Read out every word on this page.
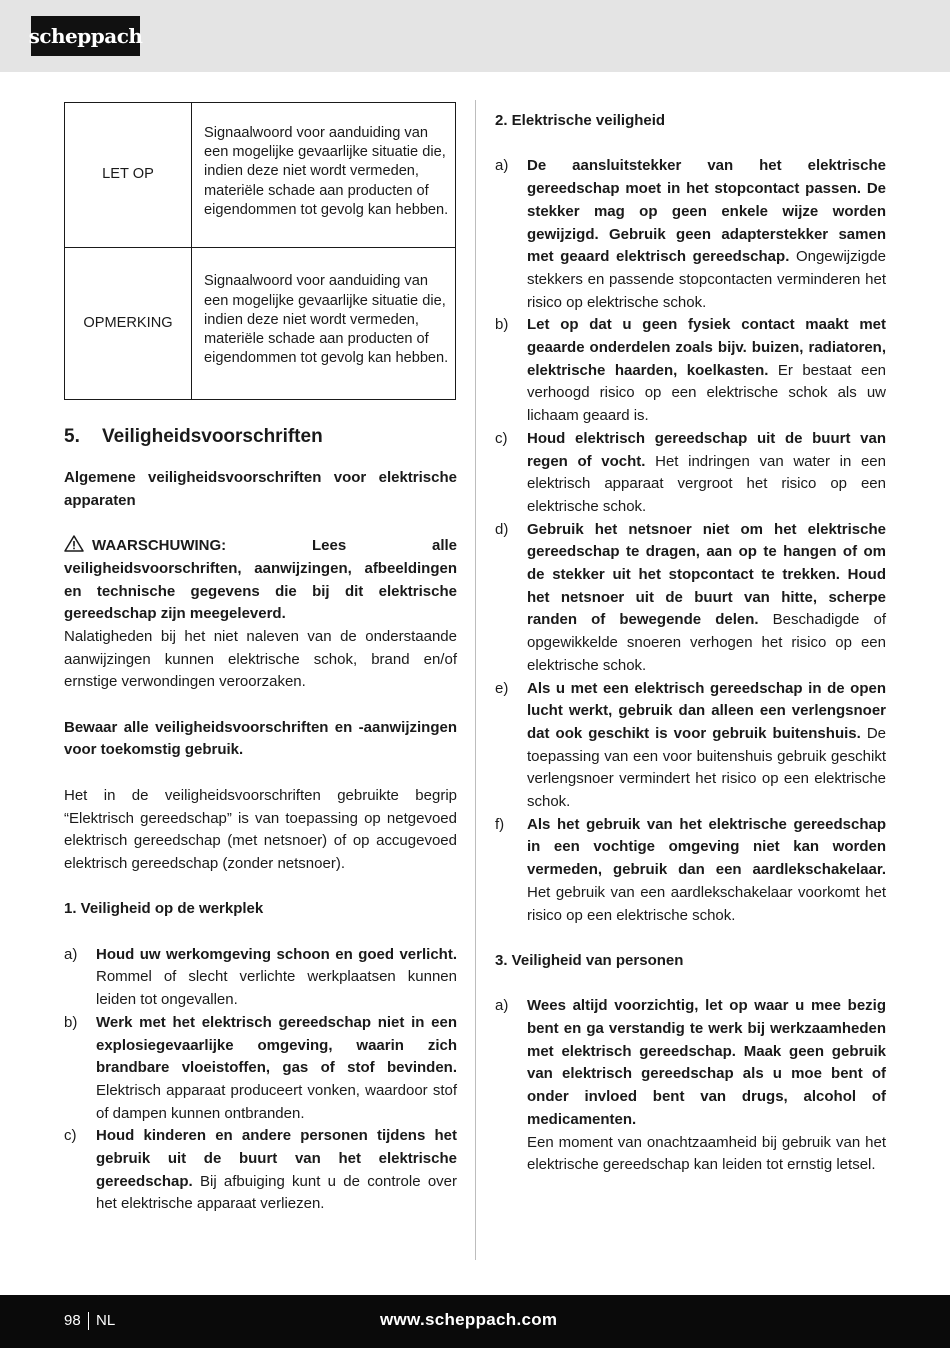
scheppach
LET OP	Signaalwoord voor aanduiding van een mogelijke gevaarlijke situatie die, indien deze niet wordt vermeden, materiële schade aan producten of eigendommen tot gevolg kan hebben.
OPMERKING	Signaalwoord voor aanduiding van een mogelijke gevaarlijke situatie die, indien deze niet wordt vermeden, materiële schade aan producten of eigendommen tot gevolg kan hebben.
5. Veiligheidsvoorschriften

Algemene veiligheidsvoorschriften voor elektrische apparaten

WAARSCHUWING: Lees alle veiligheidsvoorschriften, aanwijzingen, afbeeldingen en technische gegevens die bij dit elektrische gereedschap zijn meegeleverd.

Nalatigheden bij het niet naleven van de onderstaande aanwijzingen kunnen elektrische schok, brand en/of ernstige verwondingen veroorzaken.

Bewaar alle veiligheidsvoorschriften en -aanwijzingen voor toekomstig gebruik.

Het in de veiligheidsvoorschriften gebruikte begrip “Elektrisch gereedschap” is van toepassing op netgevoed elektrisch gereedschap (met netsnoer) of op accugevoed elektrisch gereedschap (zonder netsnoer).

1. Veiligheid op de werkplek

a)	Houd uw werkomgeving schoon en goed verlicht. Rommel of slecht verlichte werkplaatsen kunnen leiden tot ongevallen.
b)	Werk met het elektrisch gereedschap niet in een explosiegevaarlijke omgeving, waarin zich brandbare vloeistoffen, gas of stof bevinden. Elektrisch apparaat produceert vonken, waardoor stof of dampen kunnen ontbranden.
c)	Houd kinderen en andere personen tijdens het gebruik uit de buurt van het elektrische gereedschap. Bij afbuiging kunt u de controle over het elektrische apparaat verliezen.

2. Elektrische veiligheid

a)	De aansluitstekker van het elektrische gereedschap moet in het stopcontact passen. De stekker mag op geen enkele wijze worden gewijzigd. Gebruik geen adapterstekker samen met geaard elektrisch gereedschap. Ongewijzigde stekkers en passende stopcontacten verminderen het risico op elektrische schok.
b)	Let op dat u geen fysiek contact maakt met geaarde onderdelen zoals bijv. buizen, radiatoren, elektrische haarden, koelkasten. Er bestaat een verhoogd risico op een elektrische schok als uw lichaam geaard is.
c)	Houd elektrisch gereedschap uit de buurt van regen of vocht. Het indringen van water in een elektrisch apparaat vergroot het risico op een elektrische schok.
d)	Gebruik het netsnoer niet om het elektrische gereedschap te dragen, aan op te hangen of om de stekker uit het stopcontact te trekken. Houd het netsnoer uit de buurt van hitte, scherpe randen of bewegende delen. Beschadigde of opgewikkelde snoeren verhogen het risico op een elektrische schok.
e)	Als u met een elektrisch gereedschap in de open lucht werkt, gebruik dan alleen een verlengsnoer dat ook geschikt is voor gebruik buitenshuis. De toepassing van een voor buitenshuis gebruik geschikt verlengsnoer vermindert het risico op een elektrische schok.
f)	Als het gebruik van het elektrische gereedschap in een vochtige omgeving niet kan worden vermeden, gebruik dan een aardlekschakelaar. Het gebruik van een aardlekschakelaar voorkomt het risico op een elektrische schok.

3. Veiligheid van personen

a)	Wees altijd voorzichtig, let op waar u mee bezig bent en ga verstandig te werk bij werkzaamheden met elektrisch gereedschap. Maak geen gebruik van elektrisch gereedschap als u moe bent of onder invloed bent van drugs, alcohol of medicamenten.
Een moment van onachtzaamheid bij gebruik van het elektrische gereedschap kan leiden tot ernstig letsel.
98 NL	www.scheppach.com
